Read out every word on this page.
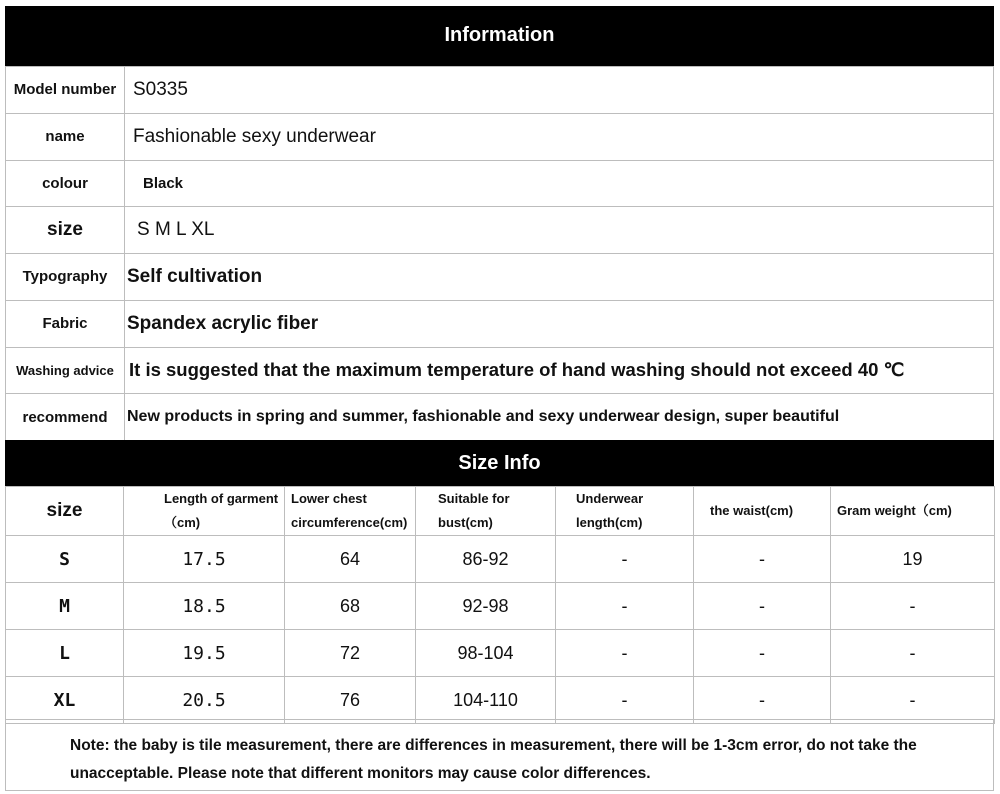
Information
Model number	S0335
name	Fashionable sexy underwear
colour	Black
size	S M L XL
Typography	Self cultivation
Fabric	Spandex acrylic fiber
Washing advice	It is suggested that the maximum temperature of hand washing should not exceed 40 ℃
recommend	New products in spring and summer, fashionable and sexy underwear design, super beautiful
Size Info
size	Length of garment（cm)	Lower chest circumference(cm)	Suitable for bust(cm)	Underwear length(cm)	the waist(cm)	Gram weight（cm)
S	17.5	64	86-92	-	-	19
M	18.5	68	92-98	-	-	-
L	19.5	72	98-104	-	-	-
XL	20.5	76	104-110	-	-	-

Note: the baby is tile measurement, there are differences in measurement, there will be 1-3cm error, do not take the unacceptable. Please note that different monitors may cause color differences.
